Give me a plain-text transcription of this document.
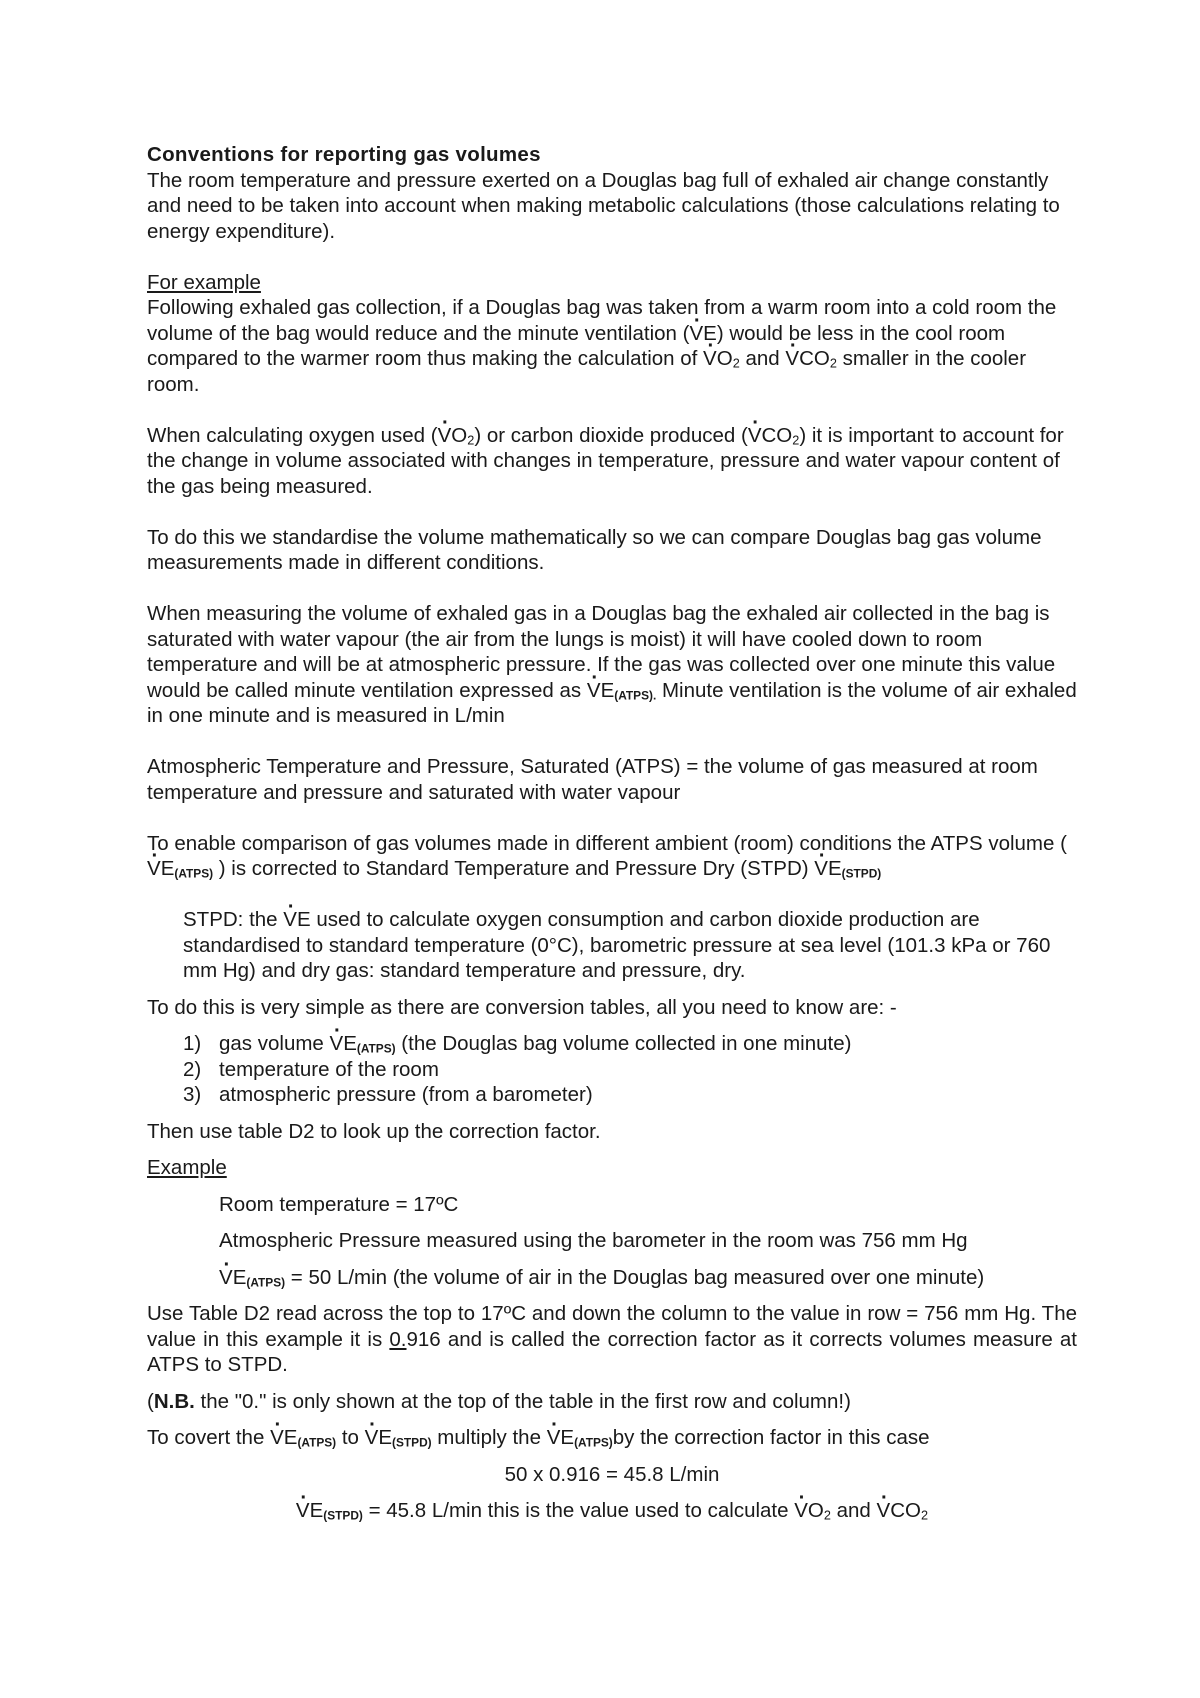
Conventions for reporting gas volumes

The room temperature and pressure exerted on a Douglas bag full of exhaled air change constantly and need to be taken into account when making metabolic calculations (those calculations relating to energy expenditure).

For example

Following exhaled gas collection, if a Douglas bag was taken from a warm room into a cold room the volume of the bag would reduce and the minute ventilation (· VE) would be less in the cool room compared to the warmer room thus making the calculation of · $VO_2$ and · $VCO_2$ smaller in the cooler room.

When calculating oxygen used (· $VO_2$) or carbon dioxide produced (· $VCO_2$) it is important to account for the change in volume associated with changes in temperature, pressure and water vapour content of the gas being measured.

To do this we standardise the volume mathematically so we can compare Douglas bag gas volume measurements made in different conditions.

When measuring the volume of exhaled gas in a Douglas bag the exhaled air collected in the bag is saturated with water vapour (the air from the lungs is moist) it will have cooled down to room temperature and will be at atmospheric pressure. If the gas was collected over one minute this value would be called minute ventilation expressed as · VE(ATPS). Minute ventilation is the volume of air exhaled in one minute and is measured in L/min

Atmospheric Temperature and Pressure, Saturated (ATPS) = the volume of gas measured at room temperature and pressure and saturated with water vapour

To enable comparison of gas volumes made in different ambient (room) conditions the ATPS volume (· VE(ATPS) ) is corrected to Standard Temperature and Pressure Dry (STPD) · VE(STPD)

STPD: the · VE used to calculate oxygen consumption and carbon dioxide production are standardised to standard temperature (0°C), barometric pressure at sea level (101.3 kPa or 760 mm Hg) and dry gas: standard temperature and pressure, dry.

To do this is very simple as there are conversion tables, all you need to know are: -

1) gas volume · VE(ATPS) (the Douglas bag volume collected in one minute)
2) temperature of the room
3) atmospheric pressure (from a barometer)

Then use table D2 to look up the correction factor.

Example

Room temperature = 17ºC

Atmospheric Pressure measured using the barometer in the room was 756 mm Hg

· VE(ATPS) = 50 L/min (the volume of air in the Douglas bag measured over one minute)

Use Table D2 read across the top to 17ºC and down the column to the value in row = 756 mm Hg. The value in this example it is 0.916 and is called the correction factor as it corrects volumes measure at ATPS to STPD.

(N.B. the "0." is only shown at the top of the table in the first row and column!)

To covert the · VE(ATPS) to · VE(STPD) multiply the · VE(ATPS)by the correction factor in this case

50 x 0.916 = 45.8 L/min

· VE(STPD) = 45.8 L/min this is the value used to calculate · $VO_2$ and · $VCO_2$
